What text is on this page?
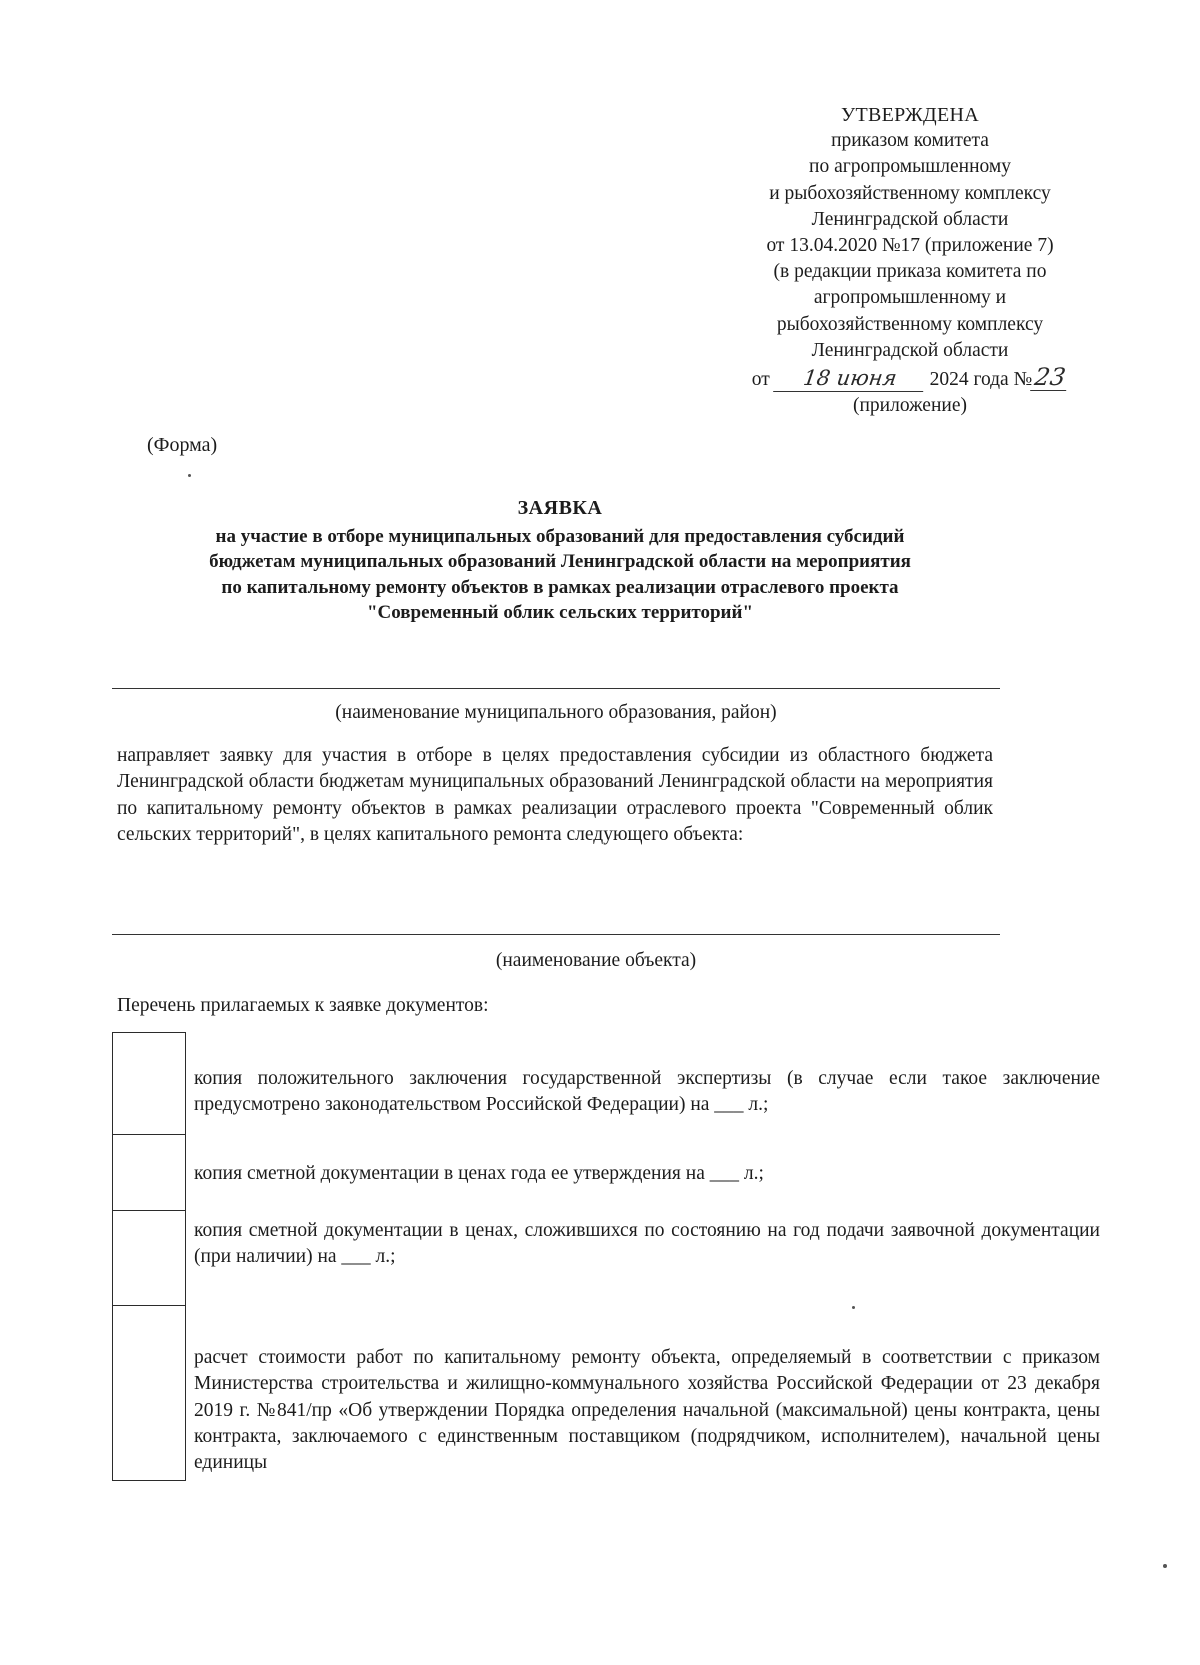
УТВЕРЖДЕНА
приказом комитета
по агропромышленному
и рыбохозяйственному комплексу
Ленинградской области
от 13.04.2020 №17 (приложение 7)
(в редакции приказа комитета по
агропромышленному и
рыбохозяйственному комплексу
Ленинградской области
от 18 июня 2024 года №23
(приложение)
(Форма)
ЗАЯВКА
на участие в отборе муниципальных образований для предоставления субсидий
бюджетам муниципальных образований Ленинградской области на мероприятия
по капитальному ремонту объектов в рамках реализации отраслевого проекта
"Современный облик сельских территорий"
(наименование муниципального образования, район)
направляет заявку для участия в отборе в целях предоставления субсидии из областного бюджета Ленинградской области бюджетам муниципальных образований Ленинградской области на мероприятия по капитальному ремонту объектов в рамках реализации отраслевого проекта "Современный облик сельских территорий", в целях капитального ремонта следующего объекта:
(наименование объекта)
Перечень прилагаемых к заявке документов:
копия положительного заключения государственной экспертизы (в случае если такое заключение предусмотрено законодательством Российской Федерации) на ___ л.;
копия сметной документации в ценах года ее утверждения на ___ л.;
копия сметной документации в ценах, сложившихся по состоянию на год подачи заявочной документации (при наличии) на ___ л.;
расчет стоимости работ по капитальному ремонту объекта, определяемый в соответствии с приказом Министерства строительства и жилищно-коммунального хозяйства Российской Федерации от 23 декабря 2019 г. №841/пр «Об утверждении Порядка определения начальной (максимальной) цены контракта, цены контракта, заключаемого с единственным поставщиком (подрядчиком, исполнителем), начальной цены единицы
